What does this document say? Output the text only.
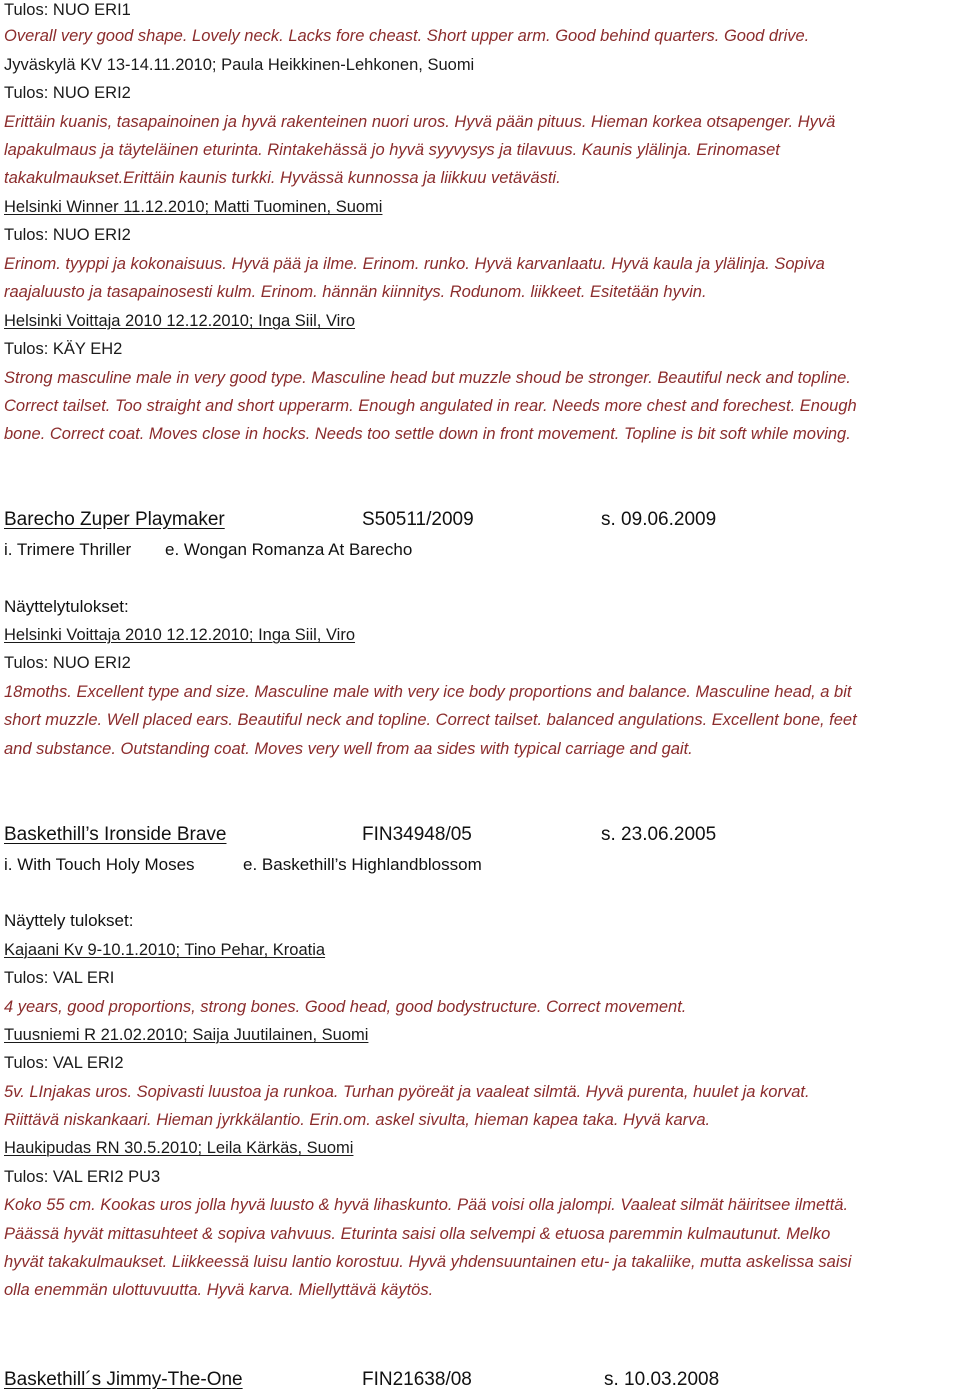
Tulos: NUO ERI1
Overall very good shape. Lovely neck. Lacks fore cheast. Short upper arm. Good behind quarters. Good drive.
Jyväskylä KV 13-14.11.2010; Paula Heikkinen-Lehkonen, Suomi
Tulos: NUO ERI2
Erittäin kuanis, tasapainoinen ja hyvä rakenteinen nuori uros. Hyvä pään pituus. Hieman korkea otsapenger. Hyvä
lapakulmaus ja täyteläinen eturinta. Rintakehässä jo hyvä syyvysys ja tilavuus. Kaunis ylälinja. Erinomaset
takakulmaukset.Erittäin kaunis turkki. Hyvässä kunnossa ja liikkuu vetävästi.
Helsinki Winner 11.12.2010; Matti Tuominen, Suomi
Tulos: NUO ERI2
Erinom. tyyppi ja kokonaisuus. Hyvä pää ja ilme. Erinom. runko. Hyvä karvanlaatu. Hyvä kaula ja ylälinja. Sopiva
raajaluusto ja tasapainosesti kulm. Erinom. hännän kiinnitys. Rodunom. liikkeet. Esitetään hyvin.
Helsinki Voittaja 2010 12.12.2010; Inga Siil, Viro
Tulos: KÄY EH2
Strong masculine male in very good type. Masculine head but muzzle shoud be stronger. Beautiful neck and topline.
Correct tailset. Too straight and short upperarm. Enough angulated in rear. Needs more chest and forechest. Enough
bone. Correct coat. Moves close in hocks. Needs too settle down in front movement. Topline is bit soft while moving.
Barecho Zuper Playmaker	S50511/2009	s. 09.06.2009
i. Trimere Thriller e. Wongan Romanza At Barecho
Näyttelytulokset:
Helsinki Voittaja 2010 12.12.2010; Inga Siil, Viro
Tulos: NUO ERI2
18moths. Excellent type and size. Masculine male with very ice body proportions and balance. Masculine head, a bit
short muzzle. Well placed ears. Beautiful neck and topline. Correct tailset. balanced angulations. Excellent bone, feet
and substance. Outstanding coat. Moves very well from aa sides with typical carriage and gait.
Baskethill’s Ironside Brave	FIN34948/05	s. 23.06.2005
i. With Touch Holy Moses	e. Baskethill’s Highlandblossom
Näyttely tulokset:
Kajaani Kv 9-10.1.2010; Tino Pehar, Kroatia
Tulos: VAL ERI
4 years, good proportions, strong bones. Good head, good bodystructure. Correct movement.
Tuusniemi R 21.02.2010; Saija Juutilainen, Suomi
Tulos: VAL ERI2
5v. LInjakas uros. Sopivasti luustoa ja runkoa. Turhan pyöreät ja vaaleat silmtä. Hyvä purenta, huulet ja korvat.
Riittävä niskankaari. Hieman jyrkkälantio. Erin.om. askel sivulta, hieman kapea taka. Hyvä karva.
Haukipudas RN 30.5.2010; Leila Kärkäs, Suomi
Tulos: VAL ERI2 PU3
Koko 55 cm. Kookas uros jolla hyvä luusto & hyvä lihaskunto. Pää voisi olla jalompi. Vaaleat silmät häiritsee ilmettä.
Päässä hyvät mittasuhteet & sopiva vahvuus. Eturinta saisi olla selvempi & etuosa paremmin kulmautunut. Melko
hyvät takakulmaukset. Liikkeessä luisu lantio korostuu. Hyvä yhdensuuntainen etu- ja takaliike, mutta askelissa saisi
olla enemmän ulottuvuutta. Hyvä karva. Miellyttävä käytös.
Baskethill´s Jimmy-The-One	FIN21638/08	s. 10.03.2008
